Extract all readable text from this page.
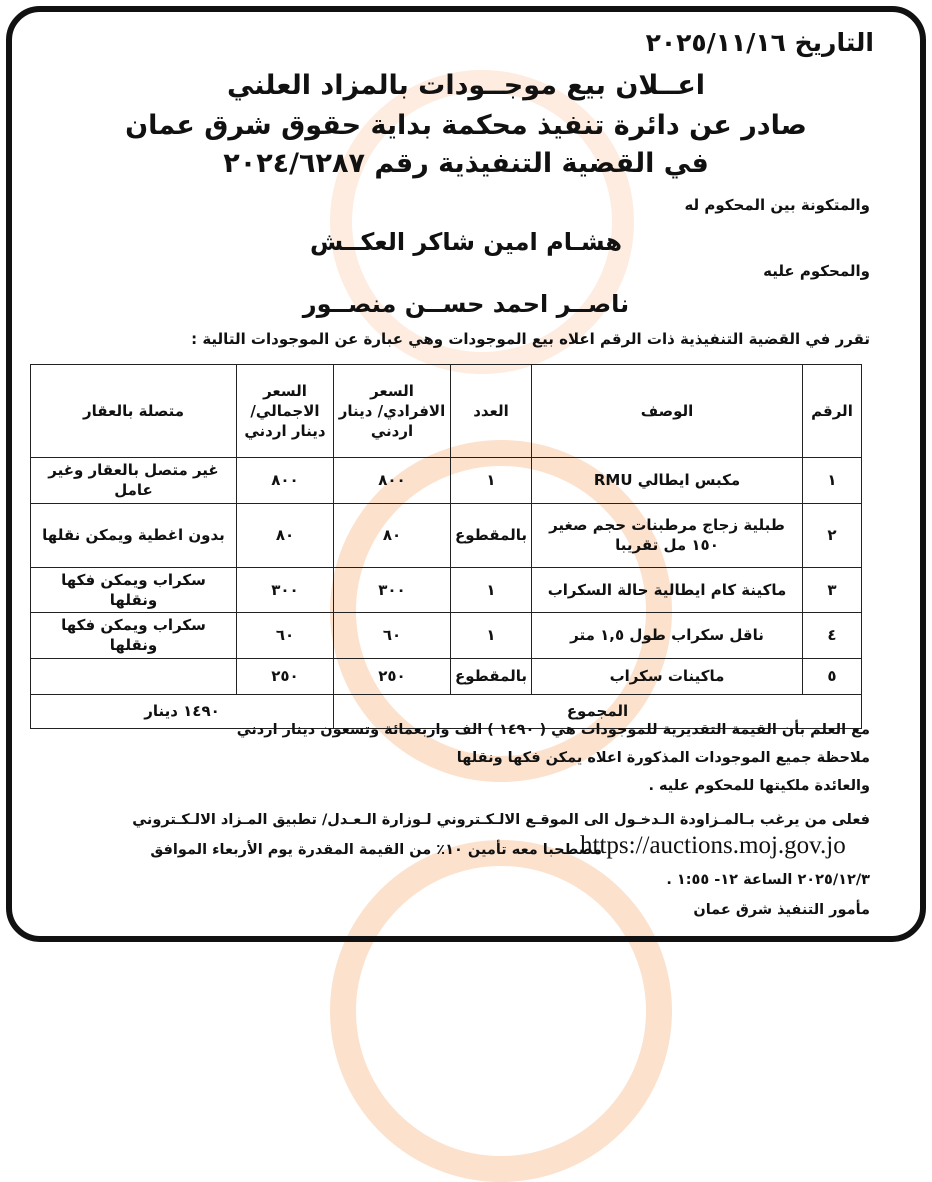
التاريخ ٢٠٢٥/١١/١٦
اعــلان بيع موجــودات بالمزاد العلني
صادر عن دائرة تنفيذ محكمة بداية حقوق شرق عمان
في القضية التنفيذية رقم ٢٠٢٤/٦٢٨٧
والمتكونة بين المحكوم له
هشـام امين شاكر العكــش
والمحكوم عليه
ناصــر احمد حســن منصــور
تقرر في القضية التنفيذية ذات الرقم اعلاه بيع الموجودات وهي عبارة عن الموجودات التالية :
الرقم	الوصف	العدد	السعر الافرادي/ دينار اردني	السعر الاجمالي/ دينار اردني	متصلة بالعقار
١	مكبس ايطالي RMU	١	٨٠٠	٨٠٠	غير متصل بالعقار وغير عامل
٢	طبلية زجاج مرطبنات حجم صغير ١٥٠ مل تقريبا	بالمقطوع	٨٠	٨٠	بدون اغطية ويمكن نقلها
٣	ماكينة كام ايطالية حالة السكراب	١	٣٠٠	٣٠٠	سكراب ويمكن فكها ونقلها
٤	ناقل سكراب طول ١,٥ متر	١	٦٠	٦٠	سكراب ويمكن فكها ونقلها
٥	ماكينات سكراب	بالمقطوع	٢٥٠	٢٥٠	
المجموع				١٤٩٠ دينار	
مع العلم بأن القيمة التقديرية للموجودات هي ( ١٤٩٠ ) الف واربعمائة وتسعون دينار اردني
ملاحظة جميع الموجودات المذكورة اعلاه يمكن فكها ونقلها
والعائدة ملكيتها للمحكوم عليه .
فعلى من يرغب بـالمـزاودة الـدخـول الى الموقـع الالـكـتروني لـوزارة الـعـدل/ تطبيق المـزاد الالـكـتروني
مصطحبا معه تأمين ١٠٪ من القيمة المقدرة يوم الأربعاء الموافق
https://auctions.moj.gov.jo
٢٠٢٥/١٢/٣ الساعة ١٢- ١:٥٥ .
مأمور التنفيذ شرق عمان
